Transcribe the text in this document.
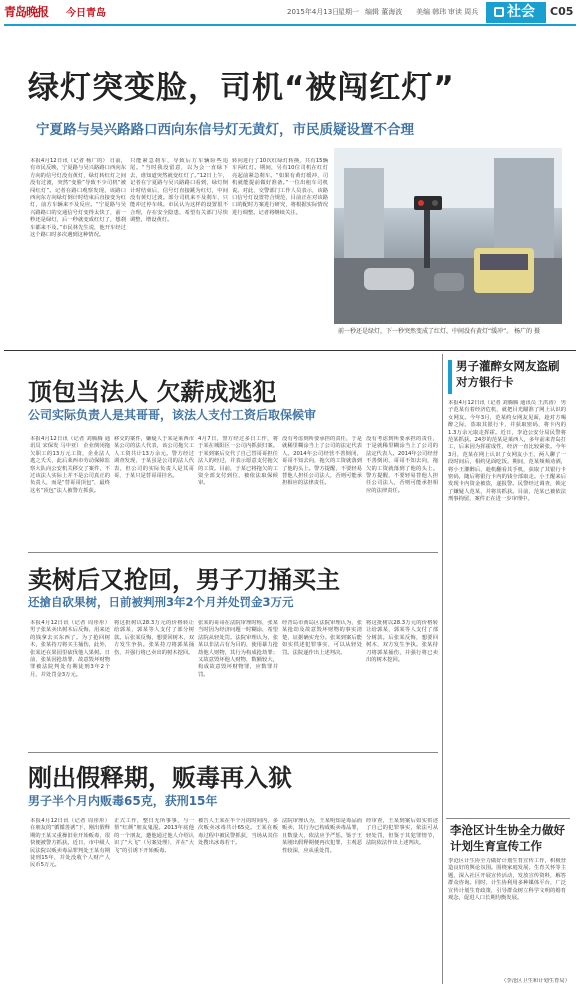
青岛晚报 今日青岛	2015年4月13日
星期一 编辑 董海波 美编 韩玮 审读 周兵	社会	C05
绿灯突变脸，司机“被闯红灯”
宁夏路与吴兴路路口西向东信号灯无黄灯，市民质疑设置不合理
本报4月12日讯（记者 杨广的） 日前，有市民反映，宁夏路与吴兴路路口西向东方向的信号灯没有黄灯，绿灯转红灯之间没有过渡，突然“变脸”导致不少司机“被闯红灯”。记者在路口观察发现，该路口西向东方向绿灯倒计时结束后直接变为红灯，前方车辆来不及反应。“宁夏路与吴兴路路口的交通信号灯变得太快了，前一秒还是绿灯，后一秒就变成红灯了，想刹车都来不及。”市民林先生说，他开车经过这个路口时多次遇到这种情况。
只能紧急刹车，导致后方车辆险些追尾。“当时我没留意，以为会一直绿下去，谁知道突然就变红灯了。”12日上午，记者在宁夏路与吴兴路路口看到，绿灯倒计时结束后，信号灯直接跳为红灯，中间没有黄灯过渡。部分司机来不及刹车，只能冲过停车线。市民认为这样的设置很不合理，存在安全隐患，希望有关部门尽快调整，增设黄灯。
转向进行了10次红绿灯转换，共有15辆车闯红灯。期间，另有10位司机在红灯亮起前紧急刹车。“如果有黄灯缓冲，司机就能提前做好准备。”一位出租车司机说。对此，交警部门工作人员表示，该路口信号灯设置符合规范，目前正在对该路口的配时方案进行研究，将根据实际情况进行调整。记者将继续关注。
前一秒还是绿灯，下一秒突然变成了红灯，中间没有黄灯“缓冲”。 杨广的 摄
顶包当法人 欠薪成逃犯
公司实际负责人是其哥哥，该法人支付工资后取保候审
本报4月12日讯（记者 刘腾腾 通讯员 宋保发 马中亚） 企业倒闭拖欠职工的13万元工资，企业法人逃之夭夭，此后莱西市劳动保障监察大队向公安机关移交了案件，不过该法人实际上并不是公司真正的负责人，而是“替哥哥顶包”，最终这名“顶包”法人被警方抓获。
移交的案件，嫌疑人于某是莱西市某公司的法人代表，该公司拖欠工人工资共计13万余元。警方经过调查发现，于某虽是公司的法人代表，但公司的实际负责人是其哥哥，于某只是替哥哥挂名。
4月7日，警方经过多日工作，将于某在城阳区一公司内抓获归案。于某到案后交代了自己替哥哥担任法人的经过，并表示愿意支付拖欠的工资。目前，于某已将拖欠的工资全部支付到位，被依法取保候审。
没有考虑到所要承担的责任，于是就稀里糊涂当上了公司的法定代表人。2014年公司经营不善倒闭，哥哥不知去向，拖欠的工资就落到了他的头上。警方提醒，不要轻易替他人担任公司法人，否则可能承担相应的法律责任。
没有考虑到所要承担的责任，于是就稀里糊涂当上了公司的法定代表人。2014年公司经营不善倒闭，哥哥不知去向，拖欠的工资就落到了他的头上。警方提醒，不要轻易替他人担任公司法人，否则可能承担相应的法律责任。
卖树后又抢回，男子刀捅买主
还搶自砍果树，日前被判刑3年2个月并处罚金3万元
本报4月12日讯（记者 周彤彤） 男子张某卖出树木后反悔，用来还的钱拿去买东西了。为了抢回树木，张某持刀将买主捅伤，此外，张某还在果园里砍伐他人果树。日前，张某因抢劫罪、故意毁坏财物罪被法院判处有期徒刑3年2个月，并处罚金3万元。
将这批树以28.3万元的价格转让给郭某，郭某等人支付了部分树款。后张某反悔，想要回树木，双方发生争执。张某持刀将郭某捅伤，并强行将已卖出的树木挖回。
张某的哥哥在法院审理时称，张某当时因为经济问题一时糊涂，希望法院从轻处罚。法院审理认为，张某以非法占有为目的，使用暴力抢劫他人财物，其行为构成抢劫罪；又故意毁坏他人财物，数额较大，构成故意毁坏财物罪，应数罪并罚。
经青岛市黄岛区法院审理认为，张某抢劫及故意毁坏财物的事实清楚，证据确实充分。张某到案后能如实供述犯罪事实，可以从轻处罚。法院遂作出上述判决。
将这批树以28.3万元的价格转让给郭某，郭某等人支付了部分树款。后张某反悔，想要回树木，双方发生争执。张某持刀将郭某捅伤，并强行将已卖出的树木挖回。
刚出假释期，贩毒再入狱
男子半个月内贩毒65克，获刑15年
本报4月12日讯（记者 周彤彤） 在朋友的“循循善诱”下，刚出假释期的王某又重操旧业开始贩毒，很快便被警方抓获。近日，市中级人民法院以贩卖毒品罪判处王某有期徒刑15年，并处没收个人财产人民币5万元。
正式工作，整日无所事事，与一帮“红颜”朋友鬼混。2013年底他的一个朋友，邀他通过他人介绍认识了“大飞”（另案处理），并在“大飞”的引诱下开始贩毒。
被告人王某在半个月的时间内，多次贩卖冰毒共计65克。王某在贩毒过程中被民警抓获，当场从其住处搜出冰毒若干。
法院审理认为，王某明知是毒品而贩卖，其行为已构成贩卖毒品罪，且数量大，依法应予严惩。鉴于王某刚出假释期便再次犯罪，主观恶性较深，应从重处罚。
经审查，王某到案后如实供述了自己的犯罪事实，依法可从轻处罚，但鉴于其犯罪情节，法院依法作出上述判决。
男子灌醉女网友盗刷对方银行卡
本报4月12日讯（记者 刘腾腾 通讯员 王洪涛） 男子范某有着经济危机，就把目光瞄准了网上认识的女网友。今年3月，范某约女网友见面，趁对方喝醉之际，盗取其银行卡，并获取密码，将卡内的1.3万余元取走挥霍。近日，李沧公安分局民警将范某抓获。24岁的范某是莱西人，多年前来青岛打工，后来因为挥霍成性，经济一直比较紧张。今年3月，范某在网上认识了女网友小王，两人聊了一段时间后，相约见面吃饭。期间，范某频频劝酒，将小王灌醉后，趁机翻看其手机，获取了其银行卡密码，随后将银行卡内的钱全部取走。小王醒来后发现卡内资金被盗，遂报警。民警经过调查，锁定了嫌疑人范某，并将其抓获。目前，范某已被依法刑事拘留，案件正在进一步审理中。
李沧区计生协全力做好计划生育宣传工作
李沧区计生协全力做好计划生育宣传工作，积极营造良好的舆论氛围。围绕家庭发展、生育关怀等主题，深入社区开展宣传活动，发放宣传资料，解答群众咨询。同时，计生协利用多种媒体平台，广泛宣传计划生育政策，引导群众树立科学文明的婚育观念，促进人口长期均衡发展。
（李沧区卫生和计划生育局）
